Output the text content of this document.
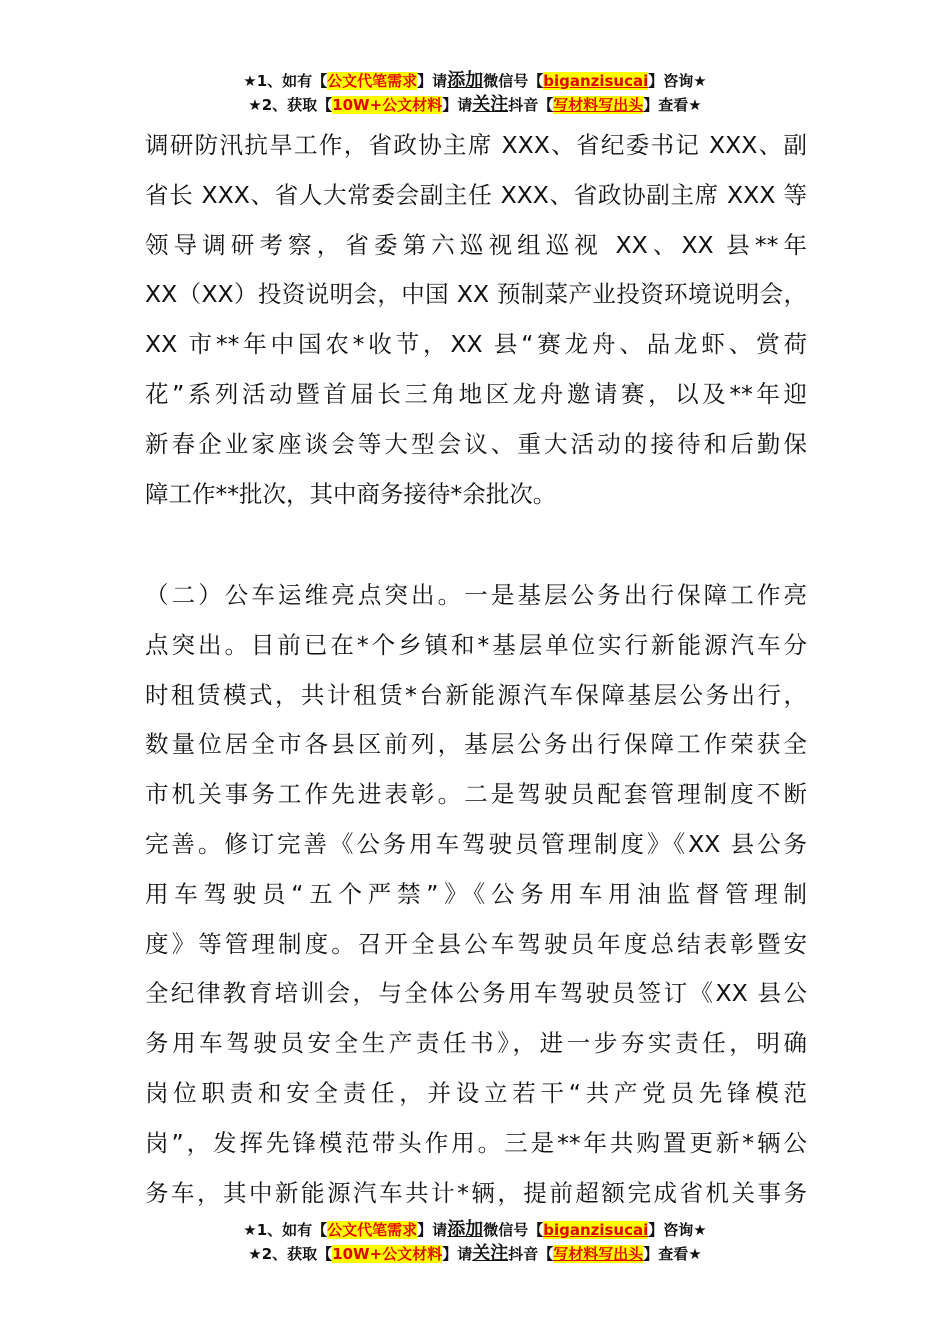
★1、如有【公文代笔需求】请添加微信号【biganzisucai】咨询★
★2、获取【10W+公文材料】请关注抖音【写材料写出头】查看★
调研防汛抗旱工作，省政协主席 XXX、省纪委书记 XXX、副
省长 XXX、省人大常委会副主任 XXX、省政协副主席 XXX 等
领导调研考察，省委第六巡视组巡视 XX、XX 县**年
XX（XX）投资说明会，中国 XX 预制菜产业投资环境说明会，
XX 市**年中国农*收节，XX 县“赛龙舟、品龙虾、赏荷
花”系列活动暨首届长三角地区龙舟邀请赛，以及**年迎
新春企业家座谈会等大型会议、重大活动的接待和后勤保
障工作**批次，其中商务接待*余批次。
（二）公车运维亮点突出。一是基层公务出行保障工作亮
点突出。目前已在*个乡镇和*基层单位实行新能源汽车分
时租赁模式，共计租赁*台新能源汽车保障基层公务出行，
数量位居全市各县区前列，基层公务出行保障工作荣获全
市机关事务工作先进表彰。二是驾驶员配套管理制度不断
完善。修订完善《公务用车驾驶员管理制度》《XX 县公务
用车驾驶员“五个严禁”》《公务用车用油监督管理制
度》等管理制度。召开全县公车驾驶员年度总结表彰暨安
全纪律教育培训会，与全体公务用车驾驶员签订《XX 县公
务用车驾驶员安全生产责任书》，进一步夯实责任，明确
岗位职责和安全责任，并设立若干“共产党员先锋模范
岗”，发挥先锋模范带头作用。三是**年共购置更新*辆公
务车，其中新能源汽车共计*辆，提前超额完成省机关事务
★1、如有【公文代笔需求】请添加微信号【biganzisucai】咨询★
★2、获取【10W+公文材料】请关注抖音【写材料写出头】查看★
